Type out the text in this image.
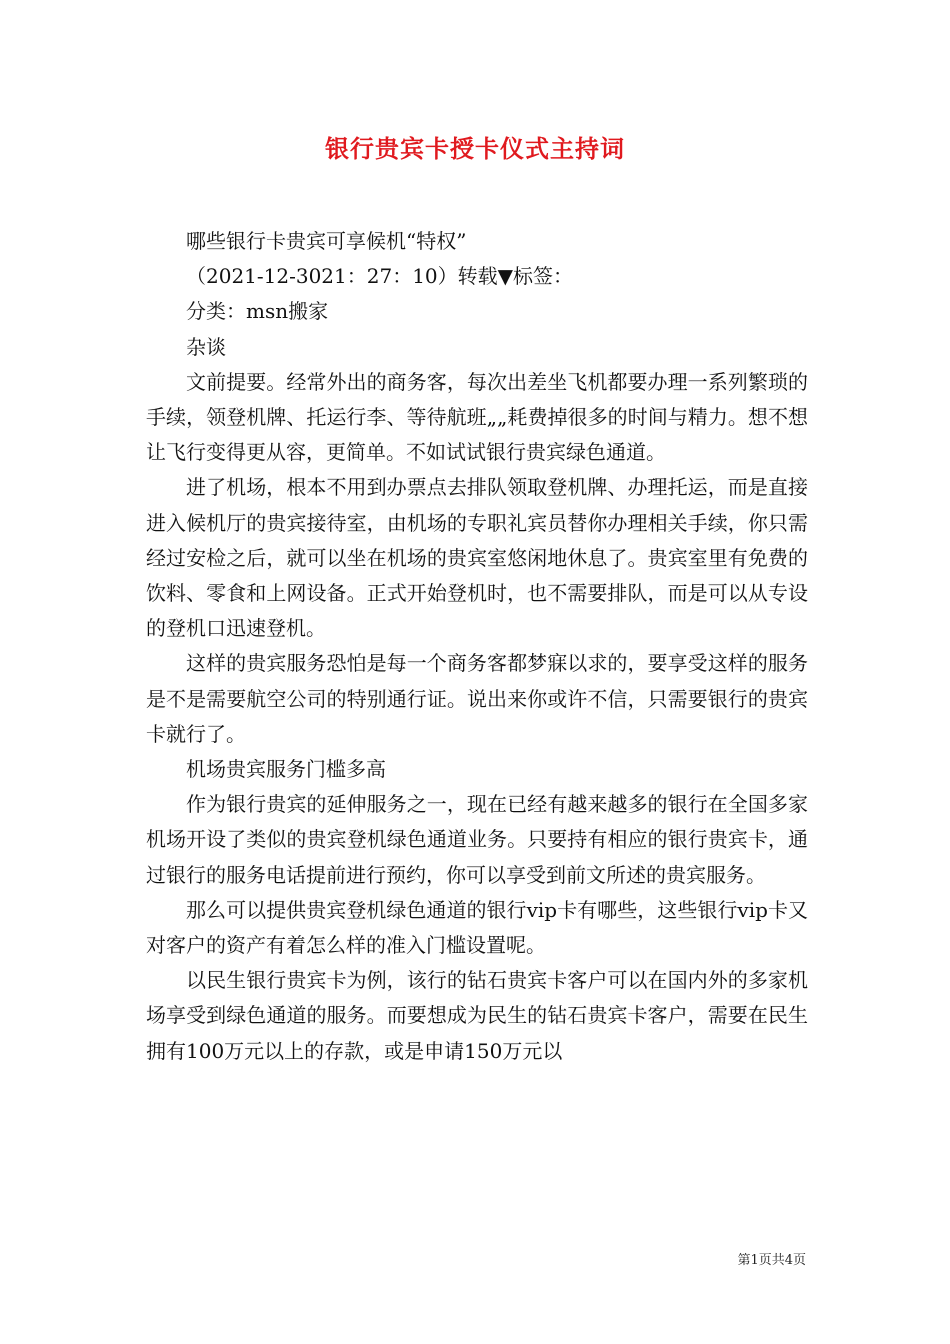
银行贵宾卡授卡仪式主持词

哪些银行卡贵宾可享候机“特权”

（2021-12-3021：27：10）转载▼标签：

分类：msn搬家

杂谈

文前提要。经常外出的商务客，每次出差坐飞机都要办理一系列繁琐的手续，领登机牌、托运行李、等待航班„„耗费掉很多的时间与精力。想不想让飞行变得更从容，更简单。不如试试银行贵宾绿色通道。

进了机场，根本不用到办票点去排队领取登机牌、办理托运，而是直接进入候机厅的贵宾接待室，由机场的专职礼宾员替你办理相关手续，你只需经过安检之后，就可以坐在机场的贵宾室悠闲地休息了。贵宾室里有免费的饮料、零食和上网设备。正式开始登机时，也不需要排队，而是可以从专设的登机口迅速登机。

这样的贵宾服务恐怕是每一个商务客都梦寐以求的，要享受这样的服务是不是需要航空公司的特别通行证。说出来你或许不信，只需要银行的贵宾卡就行了。

机场贵宾服务门槛多高

作为银行贵宾的延伸服务之一，现在已经有越来越多的银行在全国多家机场开设了类似的贵宾登机绿色通道业务。只要持有相应的银行贵宾卡，通过银行的服务电话提前进行预约，你可以享受到前文所述的贵宾服务。

那么可以提供贵宾登机绿色通道的银行vip卡有哪些，这些银行vip卡又对客户的资产有着怎么样的准入门槛设置呢。

以民生银行贵宾卡为例，该行的钻石贵宾卡客户可以在国内外的多家机场享受到绿色通道的服务。而要想成为民生的钻石贵宾卡客户，需要在民生拥有100万元以上的存款，或是申请150万元以

第1页共4页
